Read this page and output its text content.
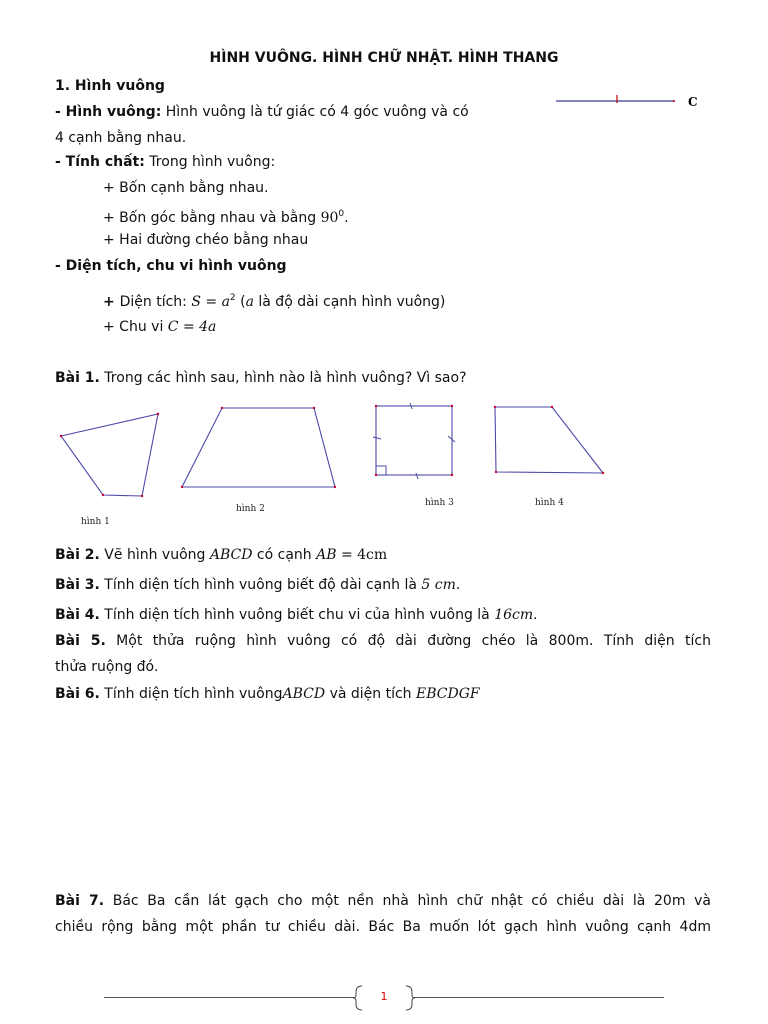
HÌNH VUÔNG. HÌNH CHỮ NHẬT. HÌNH THANG
1. Hình vuông
- Hình vuông: Hình vuông là tứ giác có 4 góc vuông và có
4 cạnh bằng nhau.
C
- Tính chất: Trong hình vuông:
+ Bốn cạnh bằng nhau.
+ Bốn góc bằng nhau và bằng $90^0$.
+ Hai đường chéo bằng nhau
- Diện tích, chu vi hình vuông
+ Diện tích: $S = a^2$ (a là độ dài cạnh hình vuông)
+ Chu vi C = 4a
Bài 1. Trong các hình sau, hình nào là hình vuông? Vì sao?
hình 1
hình 2
hình 3	hình 4
Bài 2. Vẽ hình vuông ABCD có cạnh AB = 4cm
Bài 3. Tính diện tích hình vuông biết độ dài cạnh là 5 cm.
Bài 4. Tính diện tích hình vuông biết chu vi của hình vuông là 16cm.
Bài 5. Một thửa ruộng hình vuông có độ dài đường chéo là 800m. Tính diện tích
thửa ruộng đó.
Bài 6. Tính diện tích hình vuôngABCD và diện tích EBCDGF
Bài 7. Bác Ba cần lát gạch cho một nền nhà hình chữ nhật có chiều dài là 20m và
chiều rộng bằng một phần tư chiều dài. Bác Ba muốn lót gạch hình vuông cạnh 4dm
1
